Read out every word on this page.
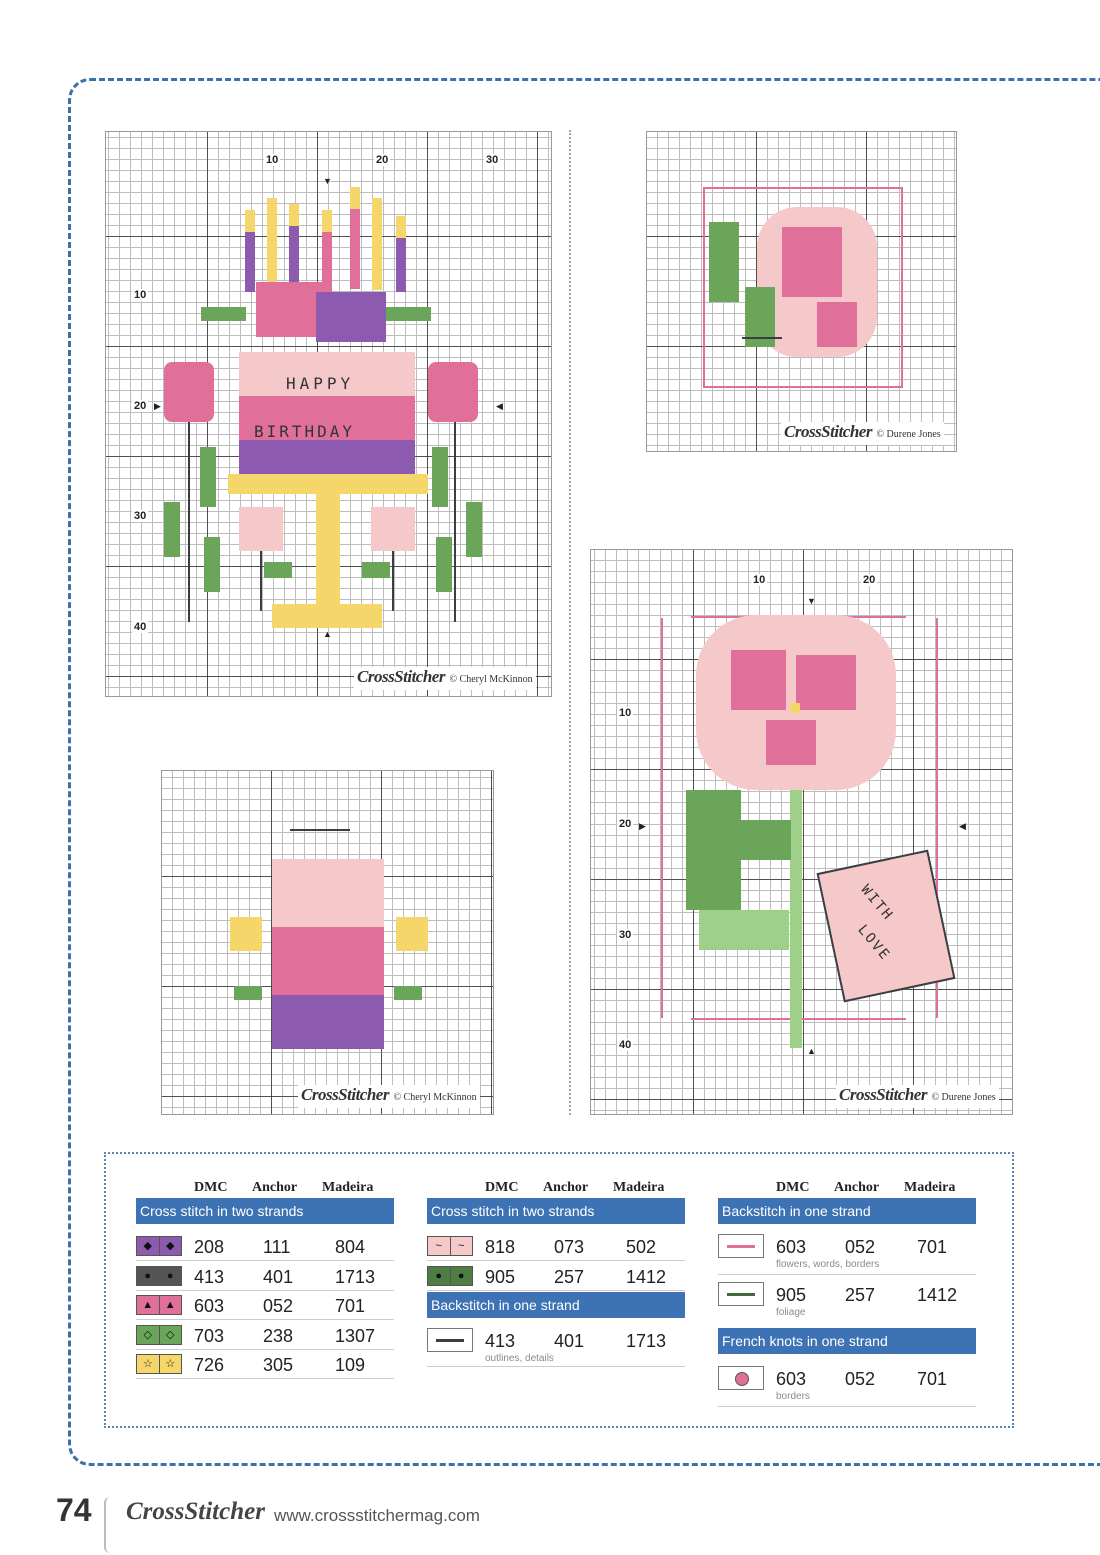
10	20	30
10
20
30
40
▼
▲
▶	◀
HAPPY
BIRTHDAY
CrossStitcher © Cheryl McKinnon
CrossStitcher © Durene Jones
CrossStitcher © Cheryl McKinnon
10	20
10
20
30
40
▼
▲
▶	◀
WITH
LOVE
CrossStitcher © Durene Jones
DMC Anchor Madeira
Cross stitch in two strands
◆	◆	208 111 804
●	●	413 401 1713
▲	▲ 603 052 701
◇	◇	703 238 1307
☆	☆	726 305 109
DMC Anchor Madeira
Cross stitch in two strands
~	~	818 073 502
●	●	905 257 1412
Backstitch in one strand
413 401 1713
outlines, details
DMC Anchor Madeira
Backstitch in one strand
603 052 701
flowers, words, borders
905 257 1412
foliage
French knots in one strand
603 052 701
borders
74 CrossStitcher www.crossstitchermag.com
